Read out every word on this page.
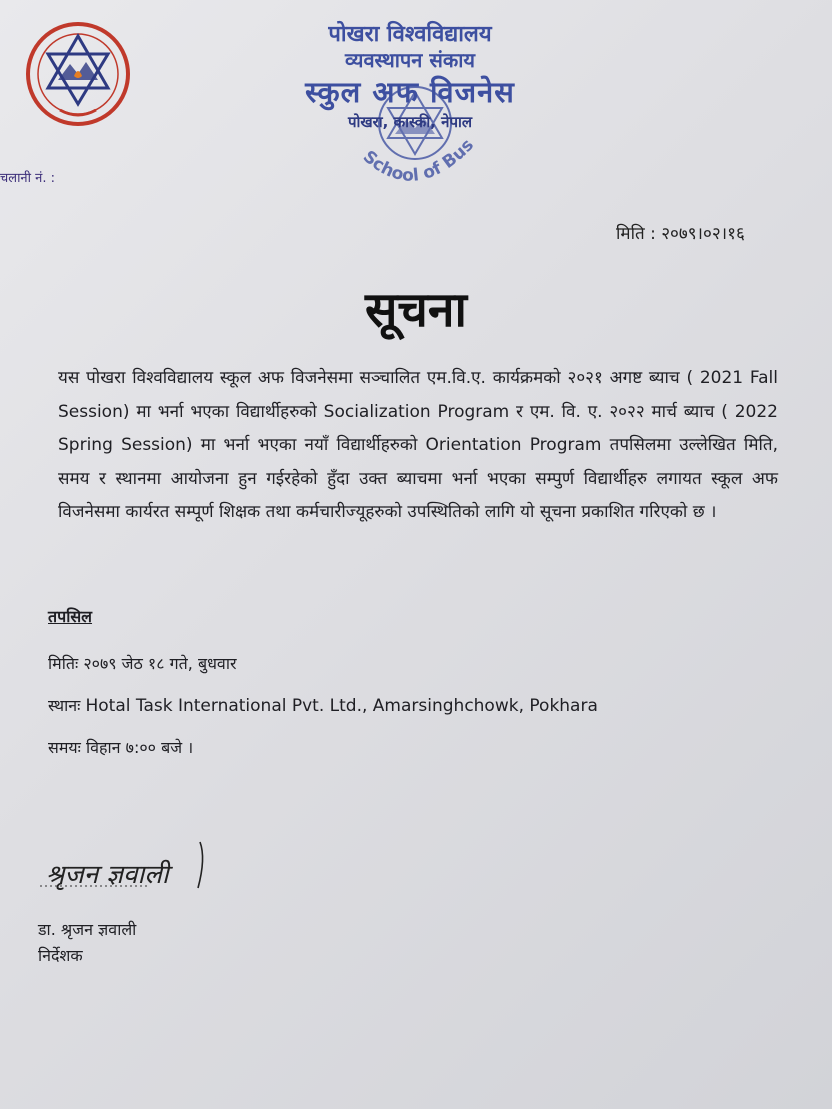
पोखरा विश्वविद्यालय
व्यवस्थापन संकाय
School of Bus
स्कुल अफ विजनेस
पोखरा, कास्की, नेपाल
चलानी नं. :
मिति : २०७९।०२।१६
सूचना
यस पोखरा विश्वविद्यालय स्कूल अफ विजनेसमा सञ्चालित एम.वि.ए. कार्यक्रमको २०२१ अगष्ट ब्याच ( 2021 Fall Session) मा भर्ना भएका विद्यार्थीहरुको Socialization Program र एम. वि. ए. २०२२ मार्च ब्याच ( 2022 Spring Session) मा भर्ना भएका नयाँ विद्यार्थीहरुको Orientation Program तपसिलमा उल्लेखित मिति, समय र स्थानमा आयोजना हुन गईरहेको हुँदा उक्त ब्याचमा भर्ना भएका सम्पुर्ण विद्यार्थीहरु लगायत स्कूल अफ विजनेसमा कार्यरत सम्पूर्ण शिक्षक तथा कर्मचारीज्यूहरुको उपस्थितिको लागि यो सूचना प्रकाशित गरिएको छ ।
तपसिल
मितिः २०७९ जेठ १८ गते, बुधवार
स्थानः Hotal Task International Pvt. Ltd., Amarsinghchowk, Pokhara
समयः विहान ७:०० बजे ।
श्रृजन ज्ञवाली
डा. श्रृजन ज्ञवाली
निर्देशक
